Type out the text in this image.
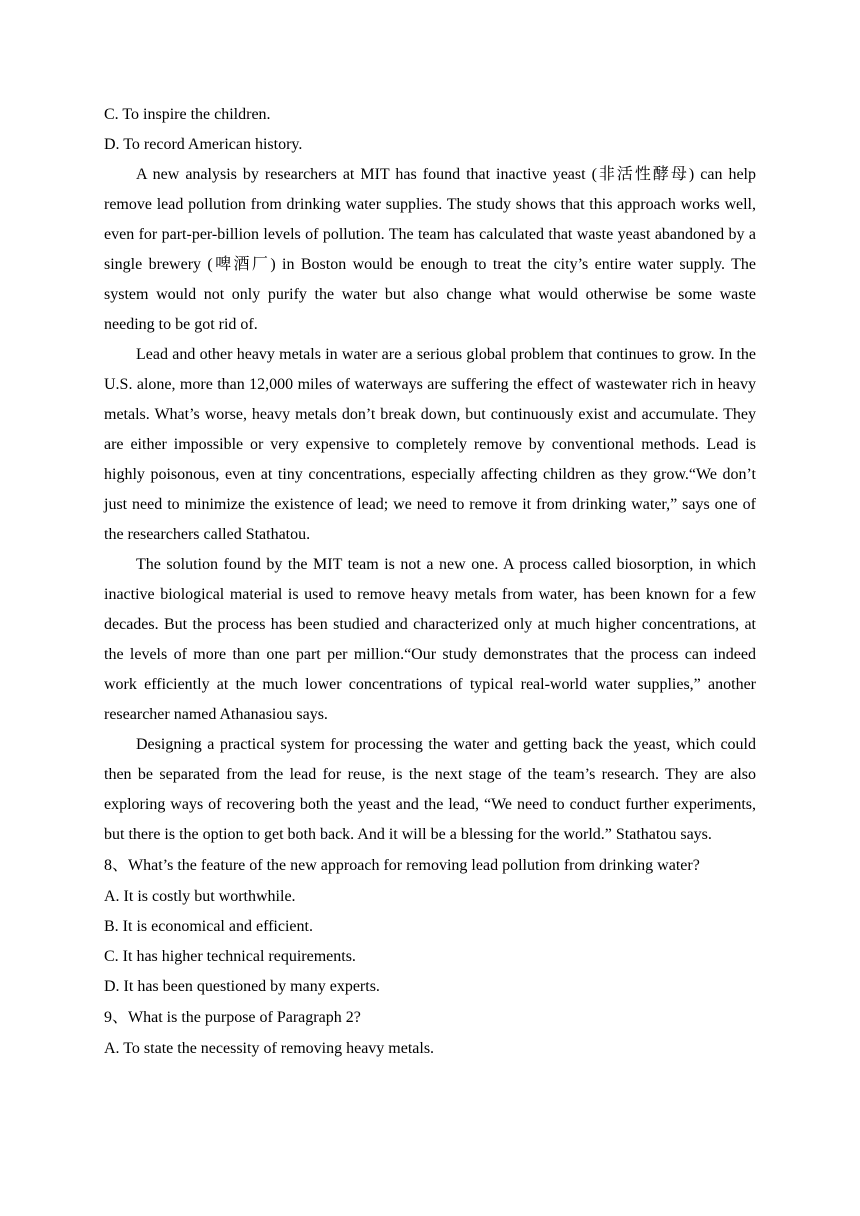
C. To inspire the children.
D. To record American history.

A new analysis by researchers at MIT has found that inactive yeast (非活性酵母) can help remove lead pollution from drinking water supplies. The study shows that this approach works well, even for part-per-billion levels of pollution. The team has calculated that waste yeast abandoned by a single brewery (啤酒厂) in Boston would be enough to treat the city’s entire water supply. The system would not only purify the water but also change what would otherwise be some waste needing to be got rid of.

Lead and other heavy metals in water are a serious global problem that continues to grow. In the U.S. alone, more than 12,000 miles of waterways are suffering the effect of wastewater rich in heavy metals. What’s worse, heavy metals don’t break down, but continuously exist and accumulate. They are either impossible or very expensive to completely remove by conventional methods. Lead is highly poisonous, even at tiny concentrations, especially affecting children as they grow.“We don’t just need to minimize the existence of lead; we need to remove it from drinking water,” says one of the researchers called Stathatou.

The solution found by the MIT team is not a new one. A process called biosorption, in which inactive biological material is used to remove heavy metals from water, has been known for a few decades. But the process has been studied and characterized only at much higher concentrations, at the levels of more than one part per million.“Our study demonstrates that the process can indeed work efficiently at the much lower concentrations of typical real-world water supplies,” another researcher named Athanasiou says.

Designing a practical system for processing the water and getting back the yeast, which could then be separated from the lead for reuse, is the next stage of the team’s research. They are also exploring ways of recovering both the yeast and the lead, “We need to conduct further experiments, but there is the option to get both back. And it will be a blessing for the world.” Stathatou says.

8、What’s the feature of the new approach for removing lead pollution from drinking water?
A. It is costly but worthwhile.
B. It is economical and efficient.
C. It has higher technical requirements.
D. It has been questioned by many experts.
9、What is the purpose of Paragraph 2?
A. To state the necessity of removing heavy metals.
